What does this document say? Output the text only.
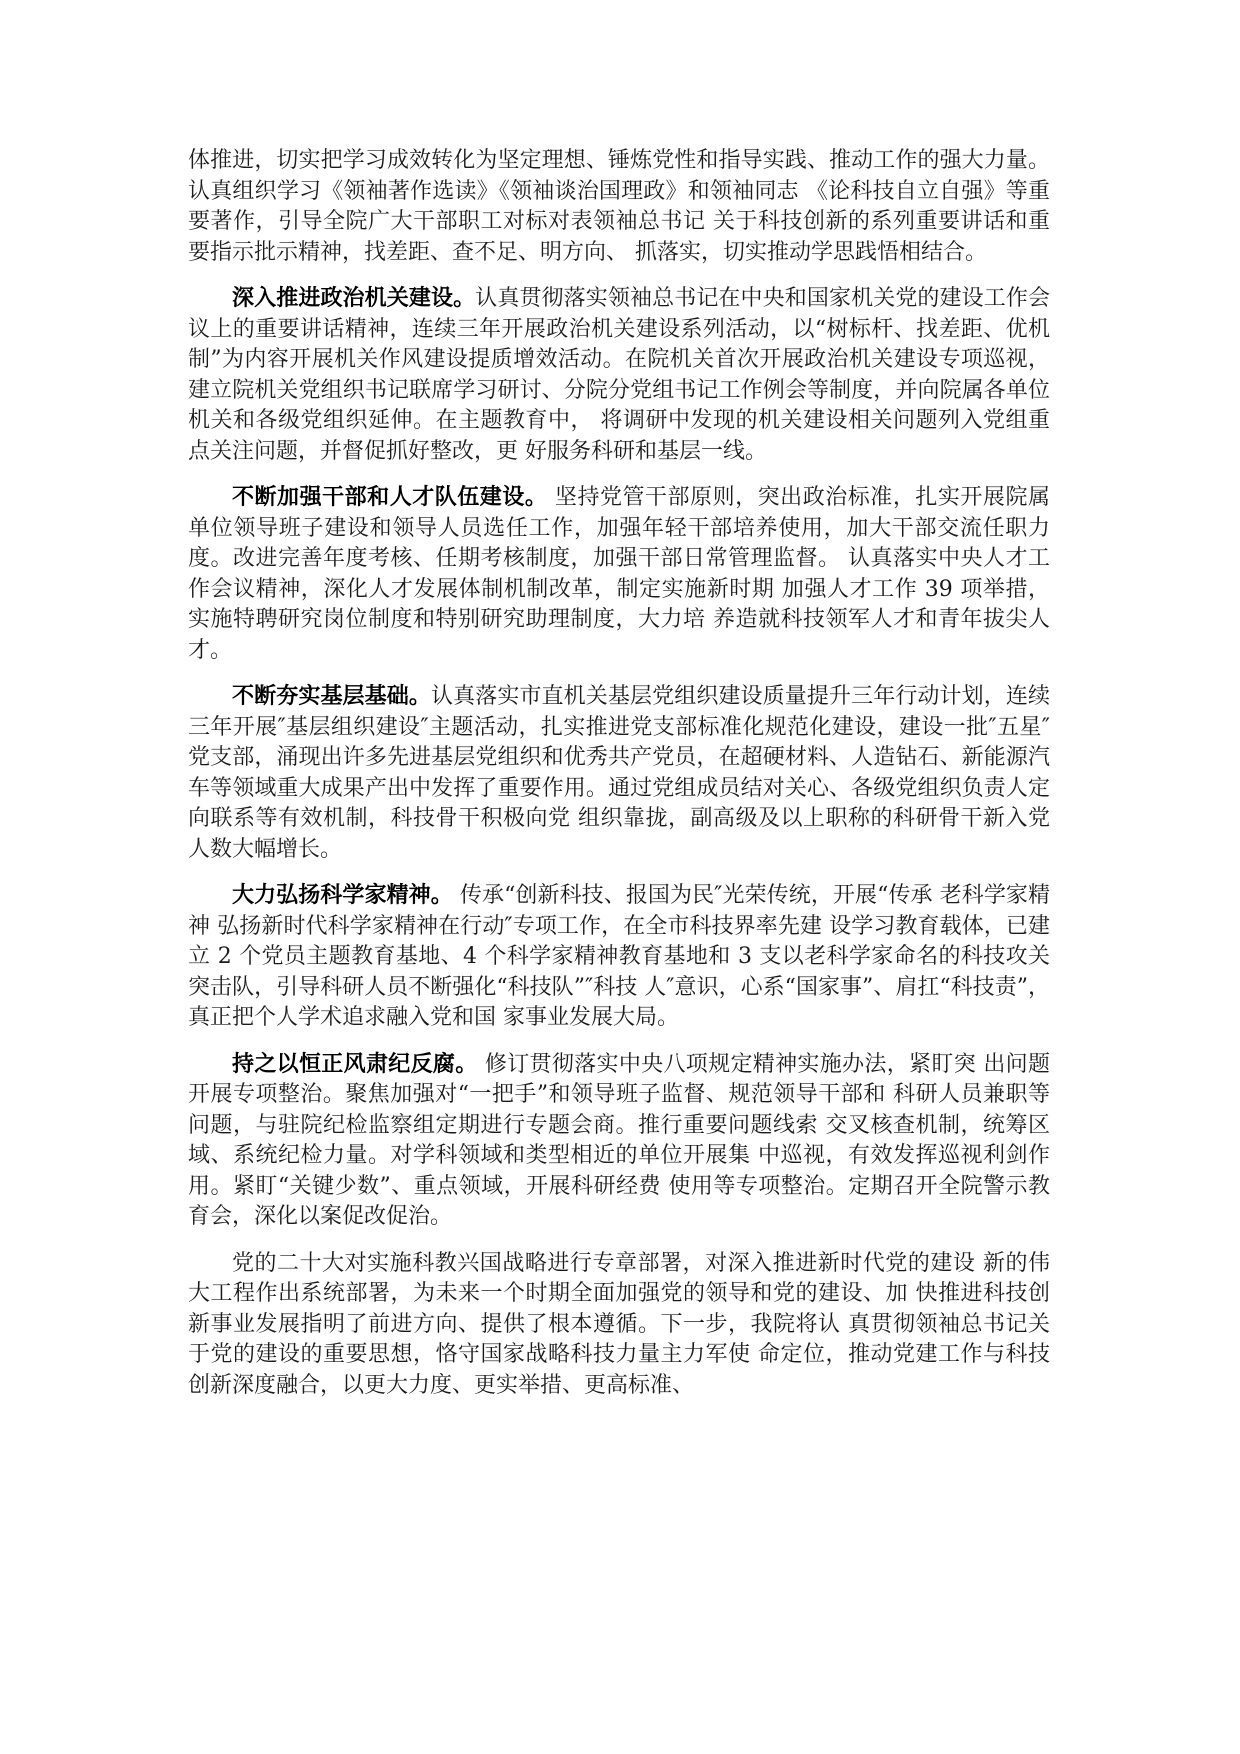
体推进，切实把学习成效转化为坚定理想、锤炼党性和指导实践、推动工作的强大力量。认真组织学习《领袖著作选读》《领袖谈治国理政》和领袖同志 《论科技自立自强》等重要著作，引导全院广大干部职工对标对表领袖总书记 关于科技创新的系列重要讲话和重要指示批示精神，找差距、查不足、明方向、 抓落实，切实推动学思践悟相结合。

深入推进政治机关建设。认真贯彻落实领袖总书记在中央和国家机关党的建设工作会议上的重要讲话精神，连续三年开展政治机关建设系列活动，以“树标杆、找差距、优机制”为内容开展机关作风建设提质增效活动。在院机关首次开展政治机关建设专项巡视，建立院机关党组织书记联席学习研讨、分院分党组书记工作例会等制度，并向院属各单位机关和各级党组织延伸。在主题教育中， 将调研中发现的机关建设相关问题列入党组重点关注问题，并督促抓好整改，更 好服务科研和基层一线。

不断加强干部和人才队伍建设。 坚持党管干部原则，突出政治标准，扎实开展院属单位领导班子建设和领导人员选任工作，加强年轻干部培养使用，加大干部交流任职力度。改进完善年度考核、任期考核制度，加强干部日常管理监督。 认真落实中央人才工作会议精神，深化人才发展体制机制改革，制定实施新时期 加强人才工作 39 项举措，实施特聘研究岗位制度和特别研究助理制度，大力培 养造就科技领军人才和青年拔尖人才。

不断夯实基层基础。认真落实市直机关基层党组织建设质量提升三年行动计划，连续三年开展″基层组织建设″主题活动，扎实推进党支部标准化规范化建设，建设一批″五星″党支部，涌现出许多先进基层党组织和优秀共产党员，在超硬材料、人造钻石、新能源汽车等领域重大成果产出中发挥了重要作用。通过党组成员结对关心、各级党组织负责人定向联系等有效机制，科技骨干积极向党 组织靠拢，副高级及以上职称的科研骨干新入党人数大幅增长。

大力弘扬科学家精神。 传承“创新科技、报国为民″光荣传统，开展“传承 老科学家精神 弘扬新时代科学家精神在行动″专项工作，在全市科技界率先建 设学习教育载体，已建立 2 个党员主题教育基地、4 个科学家精神教育基地和 3 支以老科学家命名的科技攻关突击队，引导科研人员不断强化“科技队”″科技 人″意识，心系“国家事”、肩扛“科技责”，真正把个人学术追求融入党和国 家事业发展大局。

持之以恒正风肃纪反腐。 修订贯彻落实中央八项规定精神实施办法，紧盯突 出问题开展专项整治。聚焦加强对“一把手”和领导班子监督、规范领导干部和 科研人员兼职等问题，与驻院纪检监察组定期进行专题会商。推行重要问题线索 交叉核查机制，统筹区域、系统纪检力量。对学科领域和类型相近的单位开展集 中巡视，有效发挥巡视利剑作用。紧盯“关键少数”、重点领域，开展科研经费 使用等专项整治。定期召开全院警示教育会，深化以案促改促治。

党的二十大对实施科教兴国战略进行专章部署，对深入推进新时代党的建设 新的伟大工程作出系统部署，为未来一个时期全面加强党的领导和党的建设、加 快推进科技创新事业发展指明了前进方向、提供了根本遵循。下一步，我院将认 真贯彻领袖总书记关于党的建设的重要思想，恪守国家战略科技力量主力军使 命定位，推动党建工作与科技创新深度融合，以更大力度、更实举措、更高标准、
